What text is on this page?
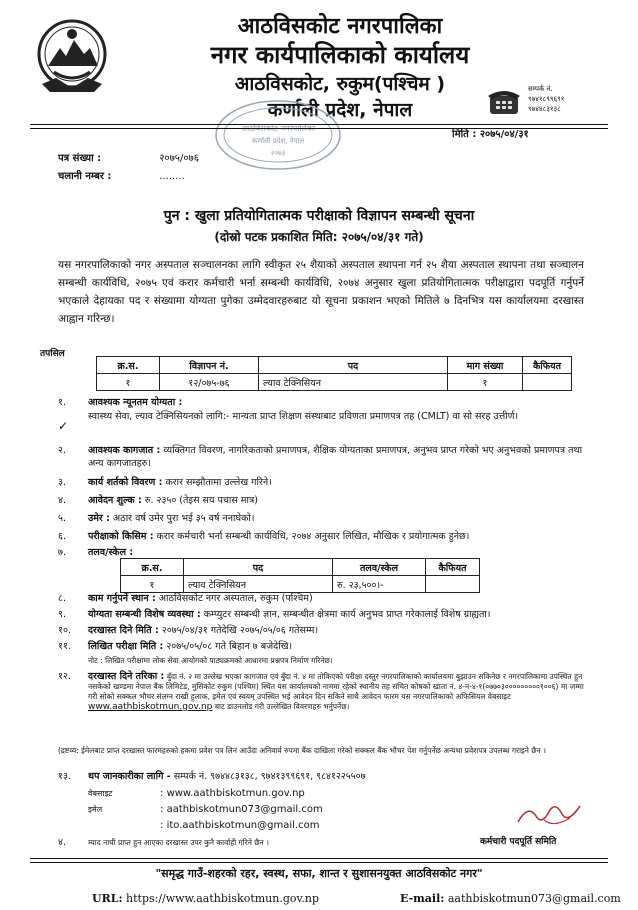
आठविसकोट नगरपालिका
नगर कार्यपालिकाको कार्यालय
आठविसकोट, रुकुम(पश्चिम )
कर्णाली प्रदेश, नेपाल
आठविसकोट नगरपालिका
कर्णाली प्रदेश, नेपाल
२०७३
सम्पर्क नं.
९७४१८९९६९१
९७४४८३१३८
मिति : २०७५/०४/३१
पत्र संख्या :	२०७५/०७६
चलानी नम्बर :	........
पुन : खुला प्रतियोगितात्मक परीक्षाको विज्ञापन सम्बन्धी सूचना
(दोस्रो पटक प्रकाशित मिति: २०७५/०४/३१ गते)
यस नगरपालिकाको नगर अस्पताल सञ्चालनका लागि स्वीकृत २५ शैयाको अस्पताल स्थापना गर्न २५ शैया अस्पताल स्थापना तथा सञ्चालन सम्बन्धी कार्यविधि, २०७५ एवं करार कर्मचारी भर्ना सम्बन्धी कार्यविधि, २०७४ अनुसार खुला प्रतियोगितात्मक परीक्षाद्वारा पदपूर्ति गर्नुपर्ने भएकाले देहायका पद र संख्यामा योग्यता पुगेका उम्मेदवारहरुबाट यो सूचना प्रकाशन भएको मितिले ७ दिनभित्र यस कार्यालयमा दरखास्त आह्वान गरिन्छ।
तपसिल
क्र.स.	विज्ञापन नं.	पद	माग संख्या	कैफियत
१	१२/०७५-७६	ल्याव टेक्निसियन	१	
१.	आवश्यक न्यूनतम योग्यता :
✓
स्वास्थ्य सेवा, ल्याव टेक्निसियनको लागि:- मान्यता प्राप्त शिक्षण संस्थाबाट प्रविणता प्रमाणपत्र तह (CMLT) वा सो सरह उत्तीर्ण।
२.	आवश्यक कागजात : व्यक्तिगत विवरण, नागरिकताको प्रमाणपत्र, शैक्षिक योग्यताका प्रमाणपत्र, अनुभव प्राप्त गरेको भए अनुभवको प्रमाणपत्र तथा अन्य कागजातहरु।
३.	कार्य शर्तको विवरण : करार सम्झौतामा उल्लेख गरिने।
४.	आवेदन शुल्क : रु. २३५० (तेइस सय पचास मात्र)
५.	उमेर : अठार वर्ष उमेर पुरा भई ३५ वर्ष ननाघेको।
६.	परीक्षाको किसिम : करार कर्मचारी भर्ना सम्बन्धी कार्यविधि, २०७४ अनुसार लिखित, मौखिक र प्रयोगात्मक हुनेछ।
७.	तलव/स्केल :
क्र.स.	पद	तलव/स्केल	कैफियत
१	ल्याव टेक्निसियन	रु. २३,५००।-	
८.	काम गर्नुपर्ने स्थान : आठविसकोट नगर अस्पताल, रुकुम (पश्चिम)
९.	योग्यता सम्बन्धी विशेष व्यवस्था : कम्प्युटर सम्बन्धी ज्ञान, सम्बन्धीत क्षेत्रमा कार्य अनुभव प्राप्त गरेकालाई विशेष ग्राह्यता।
१०.	दरखास्त दिने मिति : २०७५/०४/३१ गतेदेखि २०७५/०५/०६ गतेसम्म।
११.	लिखित परीक्षा मिति : २०७५/०५/०८ गते बिहान ७ बजेदेखि।
नोट : लिखित परीक्षामा लोक सेवा आयोगको पाठ्यक्रमको आधारमा प्रश्नपत्र निर्माण गरिनेछ।
१२.	दरखास्त दिने तरिका : बुँदा नं. २ मा उल्लेख भएका कागजात एवं बुँदा नं. ४ मा तोकिएको परीक्षा दस्तुर नगरपालिकाको कार्यालयमा बुझाउन सकिनेछ र नगरपालिकामा उपस्थित हुन नसकेको खण्डमा नेपाल बैंक लिमिटेड, मुसिकोट रुकुम (पश्चिम) स्थित यस कार्यालयको नाममा रहेको स्थानीय तह संचित कोषको खाता नं. ४-न-४-१(०७७०३०००००००००१००६) मा जम्मा गरी सोको सक्कल भौचर संलग्न राखी हुलाक, इमेल एवं स्वयम् उपस्थित भई आवेदन दिन सकिने साथै आवेदन फारम यस नगरपालिकाको अफिसियल वेबसाइट www.aathbiskotmun.gov.np बाट डाउनलोड गरी उल्लेखित विवरणहरु भर्नुपर्नेछ।
(द्रष्टव्य: ईमेलबाट प्राप्त दरखास्त फारमहरुको हकमा प्रवेश पत्र लिन आउँदा अनिवार्य रुपमा बैंक दाखिला गरेको सक्कल बैंक भौचर पेश गर्नुपर्नेछ अन्यथा प्रवेशपत्र उपलब्ध गराइने छैन ।
१३.	थप जानकारीका लागि - सम्पर्क नं. ९७४४८३१३८, ९७४१३९९६९१, ९८४१२२५५०७
वेबसाइट	: www.aathbiskotmun.gov.np
इमेल	: aathbiskotmun073@gmail.com
: ito.aathbiskotmun@gmail.com
४.	म्याद नाघी प्राप्त हुन आएका दरखास्त उपर कुनै कार्वाही गरिने छैन ।	कर्मचारी पदपूर्ति समिति
"समृद्ध गाउँ-शहरको रहर, स्वस्थ, सफा, शान्त र सुशासनयुक्त आठविसकोट नगर"
URL: https://www.aathbiskotmun.gov.np	E-mail: aathbiskotmun073@gmail.com
